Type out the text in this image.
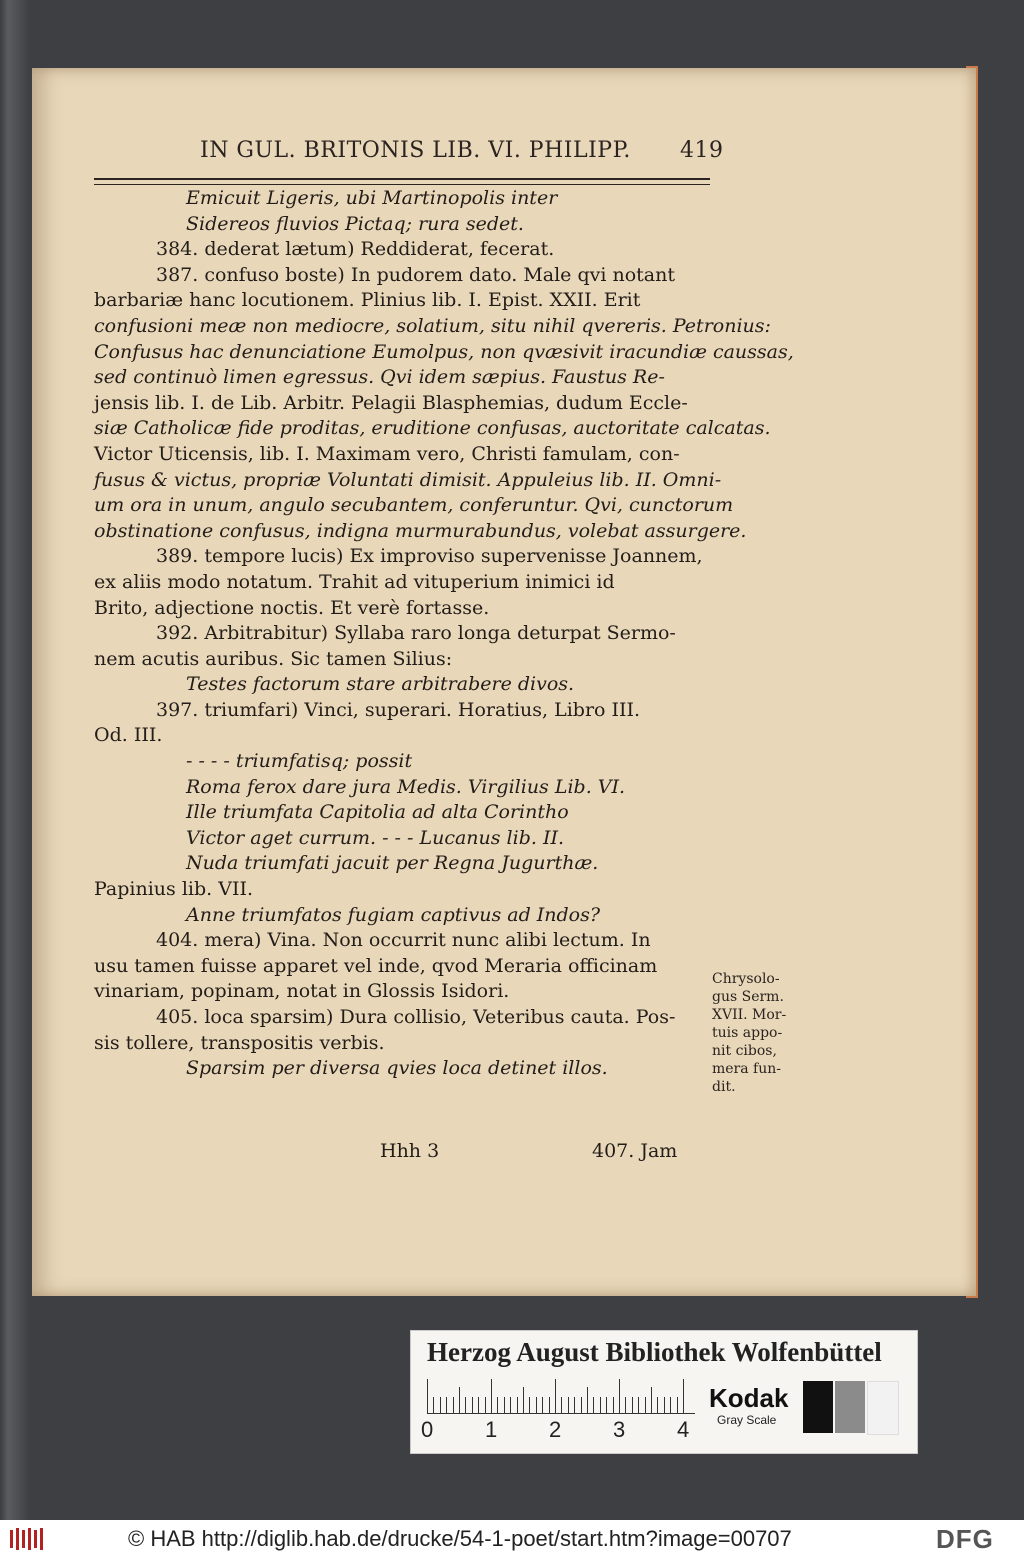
IN GUL. BRITONIS LIB. VI. PHILIPP. 419

Emicuit Ligeris, ubi Martinopolis inter

Sidereos fluvios Pictaq; rura sedet.

384. dederat lætum) Reddiderat, fecerat.

387. confuso boste) In pudorem dato. Male qvi notant

barbariæ hanc locutionem. Plinius lib. I. Epist. XXII. Erit

confusioni meæ non mediocre, solatium, situ nihil qvereris. Petronius:

Confusus hac denunciatione Eumolpus, non qvæsivit iracundiæ caussas,

sed continuò limen egressus. Qvi idem sæpius. Faustus Re-

jensis lib. I. de Lib. Arbitr. Pelagii Blasphemias, dudum Eccle-

siæ Catholicæ fide proditas, eruditione confusas, auctoritate calcatas.

Victor Uticensis, lib. I. Maximam vero, Christi famulam, con-

fusus & victus, propriæ Voluntati dimisit. Appuleius lib. II. Omni-

um ora in unum, angulo secubantem, conferuntur. Qvi, cunctorum

obstinatione confusus, indigna murmurabundus, volebat assurgere.

389. tempore lucis) Ex improviso supervenisse Joannem,

ex aliis modo notatum. Trahit ad vituperium inimici id

Brito, adjectione noctis. Et verè fortasse.

392. Arbitrabitur) Syllaba raro longa deturpat Sermo-

nem acutis auribus. Sic tamen Silius:

Testes factorum stare arbitrabere divos.

397. triumfari) Vinci, superari. Horatius, Libro III.

Od. III.

- - - - triumfatisq; possit

Roma ferox dare jura Medis. Virgilius Lib. VI.

Ille triumfata Capitolia ad alta Corintho

Victor aget currum. - - - Lucanus lib. II.

Nuda triumfati jacuit per Regna Jugurthæ.

Papinius lib. VII.

Anne triumfatos fugiam captivus ad Indos?

404. mera) Vina. Non occurrit nunc alibi lectum. In

usu tamen fuisse apparet vel inde, qvod Meraria officinam

vinariam, popinam, notat in Glossis Isidori.

405. loca sparsim) Dura collisio, Veteribus cauta. Pos-

sis tollere, transpositis verbis.

Sparsim per diversa qvies loca detinet illos.

Chrysolo-

gus Serm.

XVII. Mor-

tuis appo-

nit cibos,

mera fun-

dit.

Hhh 3	407. Jam
Herzog August Bibliothek Wolfenbüttel
0 1 2 3 4
Kodak
Gray Scale
© HAB http://diglib.hab.de/drucke/54-1-poet/start.htm?image=00707	DFG
